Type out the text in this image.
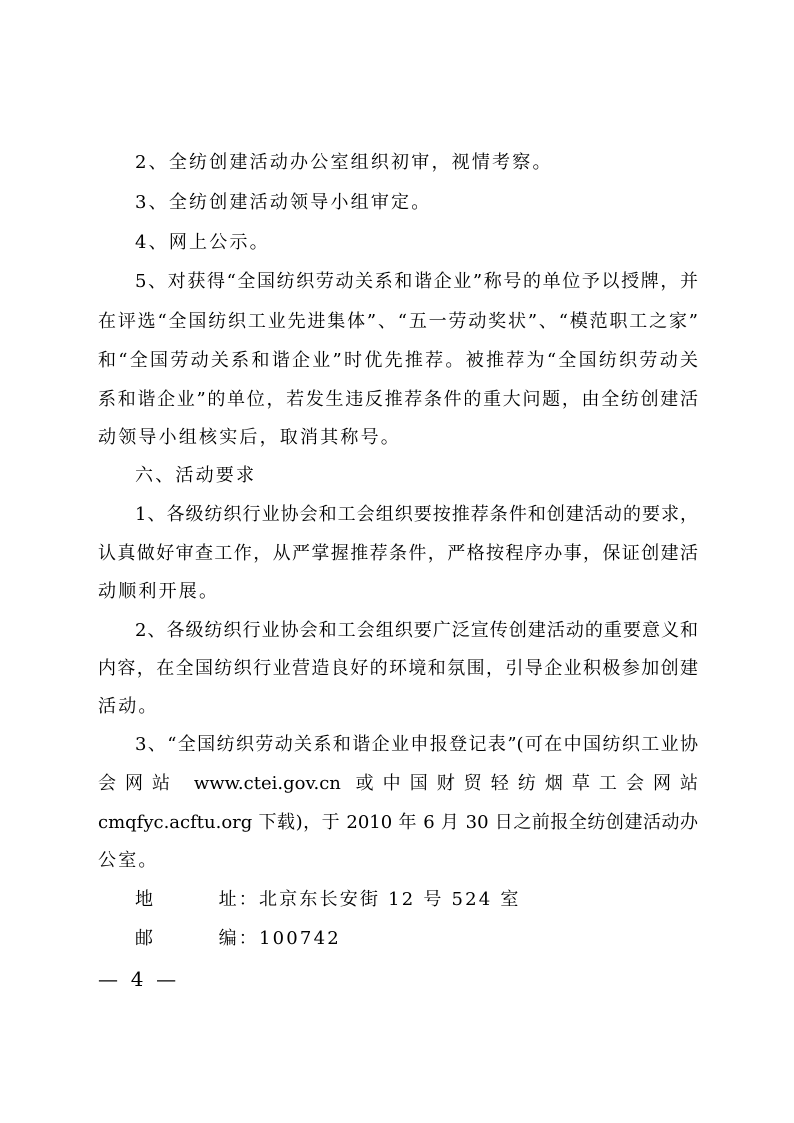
2、全纺创建活动办公室组织初审，视情考察。
3、全纺创建活动领导小组审定。
4、网上公示。
5、对获得“全国纺织劳动关系和谐企业”称号的单位予以授牌，并
在评选“全国纺织工业先进集体”、“五一劳动奖状”、“模范职工之家”
和“全国劳动关系和谐企业”时优先推荐。被推荐为“全国纺织劳动关
系和谐企业”的单位，若发生违反推荐条件的重大问题，由全纺创建活
动领导小组核实后，取消其称号。
六、活动要求
1、各级纺织行业协会和工会组织要按推荐条件和创建活动的要求，
认真做好审查工作，从严掌握推荐条件，严格按程序办事，保证创建活
动顺利开展。
2、各级纺织行业协会和工会组织要广泛宣传创建活动的重要意义和
内容，在全国纺织行业营造良好的环境和氛围，引导企业积极参加创建
活动。
3、“全国纺织劳动关系和谐企业申报登记表”(可在中国纺织工业协
会网站 www.ctei.gov.cn 或中国财贸轻纺烟草工会网站
cmqfyc.acftu.org 下载)，于 2010 年 6 月 30 日之前报全纺创建活动办
公室。
地        址：北京东长安街 12 号 524 室
邮        编：100742
—  4  —
